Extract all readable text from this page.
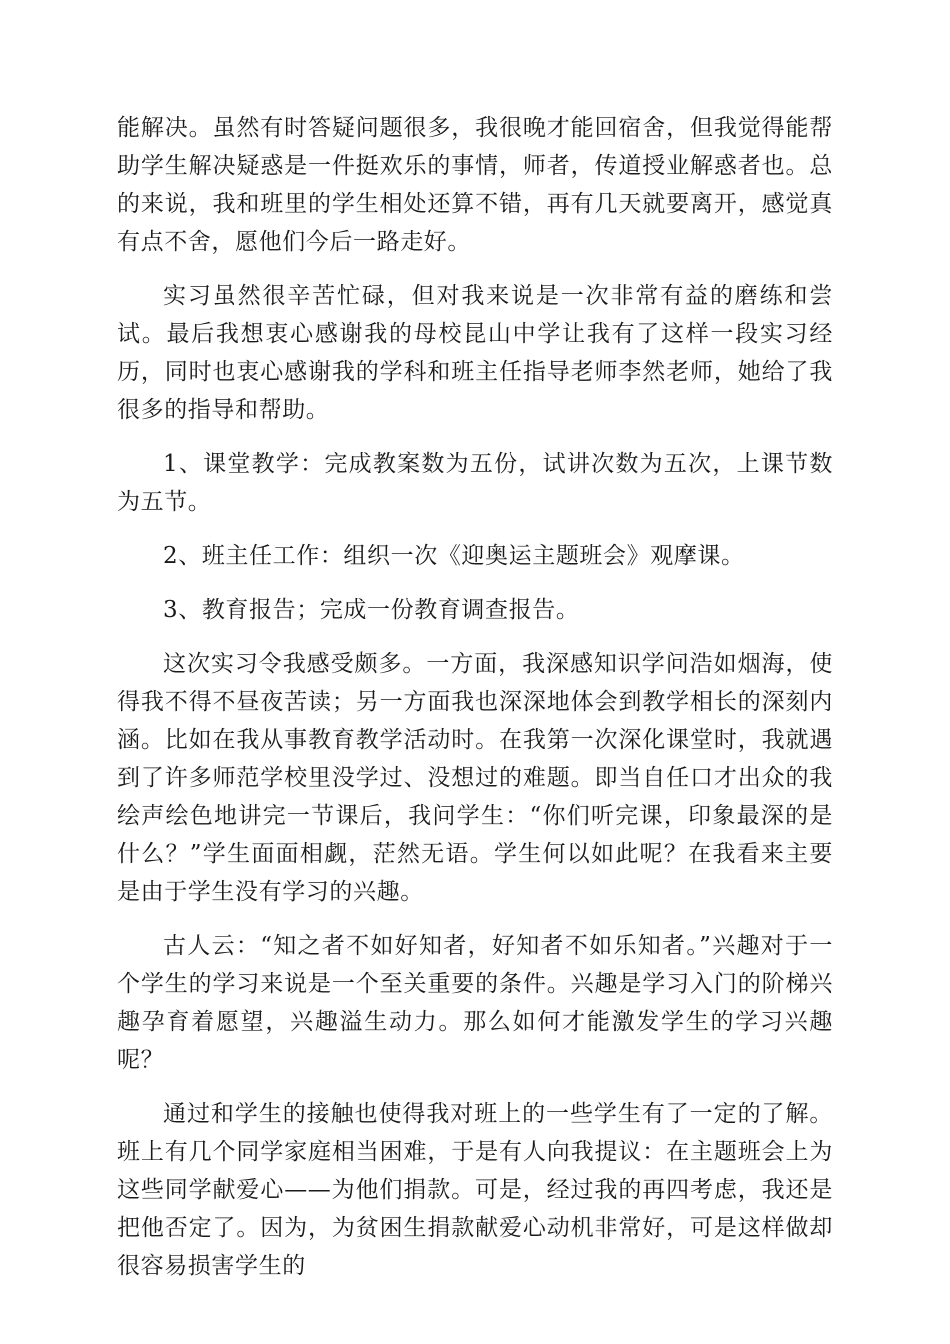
能解决。虽然有时答疑问题很多，我很晚才能回宿舍，但我觉得能帮助学生解决疑惑是一件挺欢乐的事情，师者，传道授业解惑者也。总的来说，我和班里的学生相处还算不错，再有几天就要离开，感觉真有点不舍，愿他们今后一路走好。

实习虽然很辛苦忙碌，但对我来说是一次非常有益的磨练和尝试。最后我想衷心感谢我的母校昆山中学让我有了这样一段实习经历，同时也衷心感谢我的学科和班主任指导老师李然老师，她给了我很多的指导和帮助。

1、课堂教学：完成教案数为五份，试讲次数为五次，上课节数为五节。

2、班主任工作：组织一次《迎奥运主题班会》观摩课。

3、教育报告；完成一份教育调查报告。

这次实习令我感受颇多。一方面，我深感知识学问浩如烟海，使得我不得不昼夜苦读；另一方面我也深深地体会到教学相长的深刻内涵。比如在我从事教育教学活动时。在我第一次深化课堂时，我就遇到了许多师范学校里没学过、没想过的难题。即当自任口才出众的我绘声绘色地讲完一节课后，我问学生：“你们听完课，印象最深的是什么？”学生面面相觑，茫然无语。学生何以如此呢？在我看来主要是由于学生没有学习的兴趣。

古人云：“知之者不如好知者，好知者不如乐知者。”兴趣对于一个学生的学习来说是一个至关重要的条件。兴趣是学习入门的阶梯兴趣孕育着愿望，兴趣溢生动力。那么如何才能激发学生的学习兴趣呢？

通过和学生的接触也使得我对班上的一些学生有了一定的了解。班上有几个同学家庭相当困难，于是有人向我提议：在主题班会上为这些同学献爱心——为他们捐款。可是，经过我的再四考虑，我还是把他否定了。因为，为贫困生捐款献爱心动机非常好，可是这样做却很容易损害学生的
